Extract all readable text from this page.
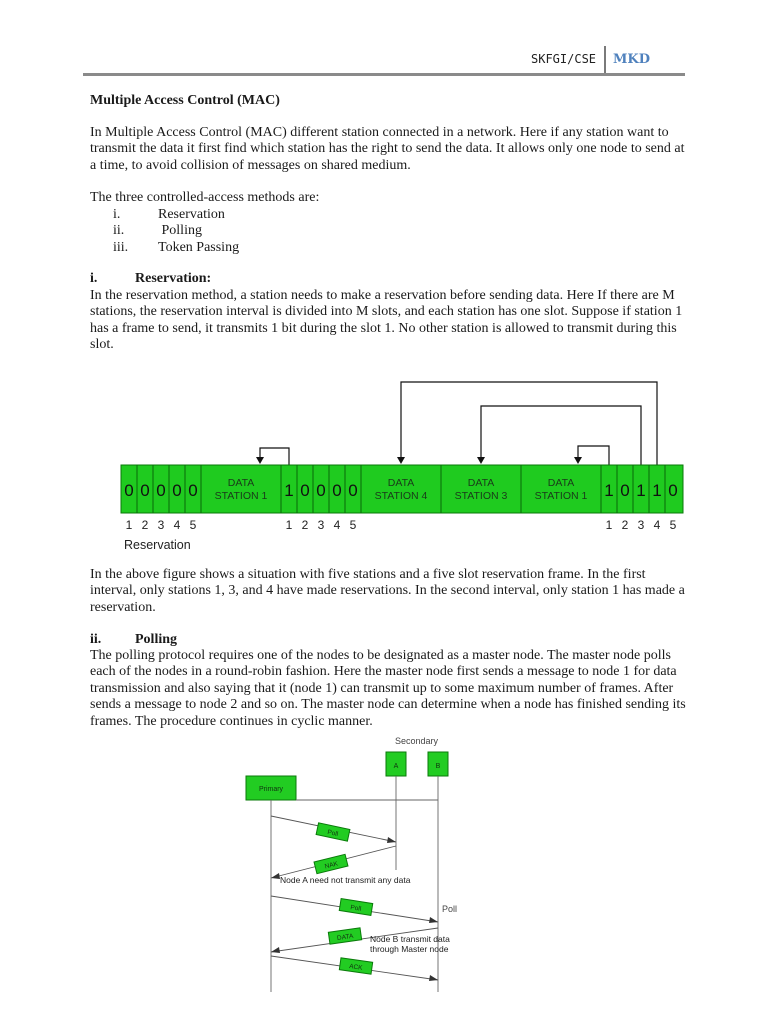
SKFGI/CSE MKD

Multiple Access Control (MAC)

In Multiple Access Control (MAC) different station connected in a network. Here if any station want to transmit the data it first find which station has the right to send the data. It allows only one node to send at a time, to avoid collision of messages on shared medium.

The three controlled-access methods are:

i.	Reservation
ii.	Polling
iii.	Token Passing
i.	Reservation:

In the reservation method, a station needs to make a reservation before sending data. Here If there are M stations, the reservation interval is divided into M slots, and each station has one slot. Suppose if station 1 has a frame to send, it transmits 1 bit during the slot 1. No other station is allowed to transmit during this slot.

0 0 0 0 0	1 0 0 0 0	1 0 1 1 0
DATA
STATION 1
DATA
STATION 4
DATA
STATION 3
DATA
STATION 1
1 2 3 4 5	1 2 3 4 5	1 2 3 4 5
Reservation

In the above figure shows a situation with five stations and a five slot reservation frame. In the first interval, only stations 1, 3, and 4 have made reservations. In the second interval, only station 1 has made a reservation.

ii. Polling

The polling protocol requires one of the nodes to be designated as a master node. The master node polls each of the nodes in a round-robin fashion. Here the master node first sends a message to node 1 for data transmission and also saying that it (node 1) can transmit up to some maximum number of frames. After sends a message to node 2 and so on. The master node can determine when a node has finished sending its frames. The procedure continues in cyclic manner.

Secondary
A	B
Primary
Poll
NAK
Poll
DATA
ACK
Node A need not transmit any data
Poll
Node B transmit data
through Master node
